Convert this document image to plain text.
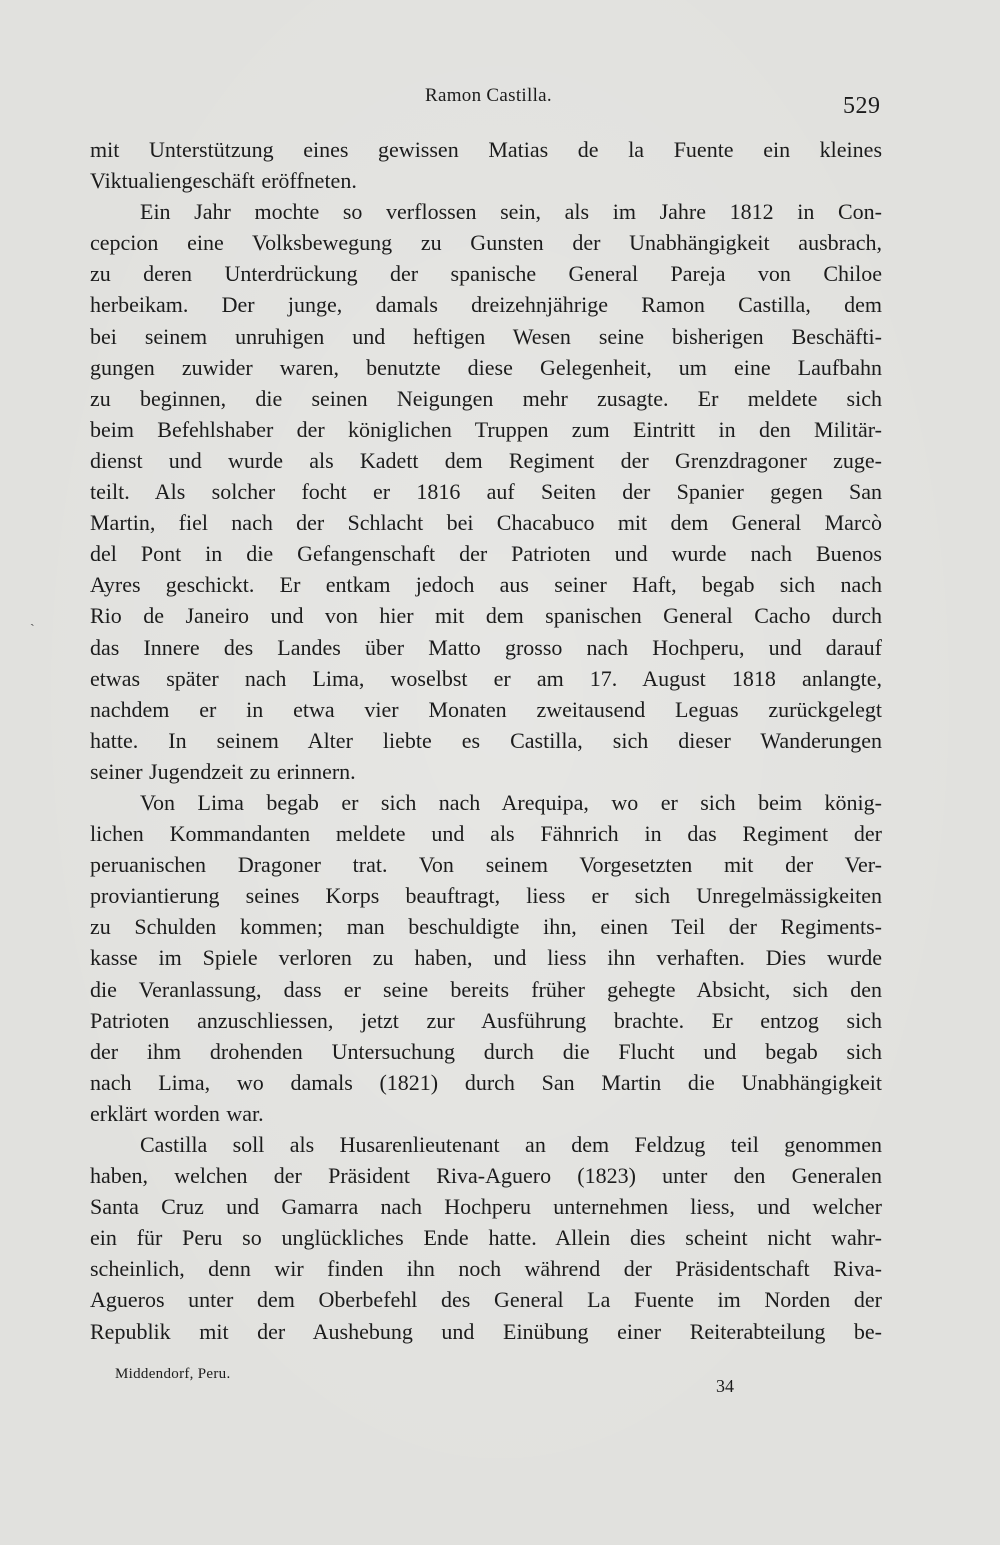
Ramon Castilla.	529
mit Unterstützung eines gewissen Matias de la Fuente ein kleines
Viktualiengeschäft eröffneten.
Ein Jahr mochte so verflossen sein, als im Jahre 1812 in Con-
cepcion eine Volksbewegung zu Gunsten der Unabhängigkeit ausbrach,
zu deren Unterdrückung der spanische General Pareja von Chiloe
herbeikam. Der junge, damals dreizehnjährige Ramon Castilla, dem
bei seinem unruhigen und heftigen Wesen seine bisherigen Beschäfti-
gungen zuwider waren, benutzte diese Gelegenheit, um eine Laufbahn
zu beginnen, die seinen Neigungen mehr zusagte. Er meldete sich
beim Befehlshaber der königlichen Truppen zum Eintritt in den Militär-
dienst und wurde als Kadett dem Regiment der Grenzdragoner zuge-
teilt. Als solcher focht er 1816 auf Seiten der Spanier gegen San
Martin, fiel nach der Schlacht bei Chacabuco mit dem General Marcò
del Pont in die Gefangenschaft der Patrioten und wurde nach Buenos
Ayres geschickt. Er entkam jedoch aus seiner Haft, begab sich nach
Rio de Janeiro und von hier mit dem spanischen General Cacho durch
das Innere des Landes über Matto grosso nach Hochperu, und darauf
etwas später nach Lima, woselbst er am 17. August 1818 anlangte,
nachdem er in etwa vier Monaten zweitausend Leguas zurückgelegt
hatte. In seinem Alter liebte es Castilla, sich dieser Wanderungen
seiner Jugendzeit zu erinnern.
Von Lima begab er sich nach Arequipa, wo er sich beim könig-
lichen Kommandanten meldete und als Fähnrich in das Regiment der
peruanischen Dragoner trat. Von seinem Vorgesetzten mit der Ver-
proviantierung seines Korps beauftragt, liess er sich Unregelmässigkeiten
zu Schulden kommen; man beschuldigte ihn, einen Teil der Regiments-
kasse im Spiele verloren zu haben, und liess ihn verhaften. Dies wurde
die Veranlassung, dass er seine bereits früher gehegte Absicht, sich den
Patrioten anzuschliessen, jetzt zur Ausführung brachte. Er entzog sich
der ihm drohenden Untersuchung durch die Flucht und begab sich
nach Lima, wo damals (1821) durch San Martin die Unabhängigkeit
erklärt worden war.
Castilla soll als Husarenlieutenant an dem Feldzug teil genommen
haben, welchen der Präsident Riva-Aguero (1823) unter den Generalen
Santa Cruz und Gamarra nach Hochperu unternehmen liess, und welcher
ein für Peru so unglückliches Ende hatte. Allein dies scheint nicht wahr-
scheinlich, denn wir finden ihn noch während der Präsidentschaft Riva-
Agueros unter dem Oberbefehl des General La Fuente im Norden der
Republik mit der Aushebung und Einübung einer Reiterabteilung be-
ˎ
Middendorf, Peru.
34
